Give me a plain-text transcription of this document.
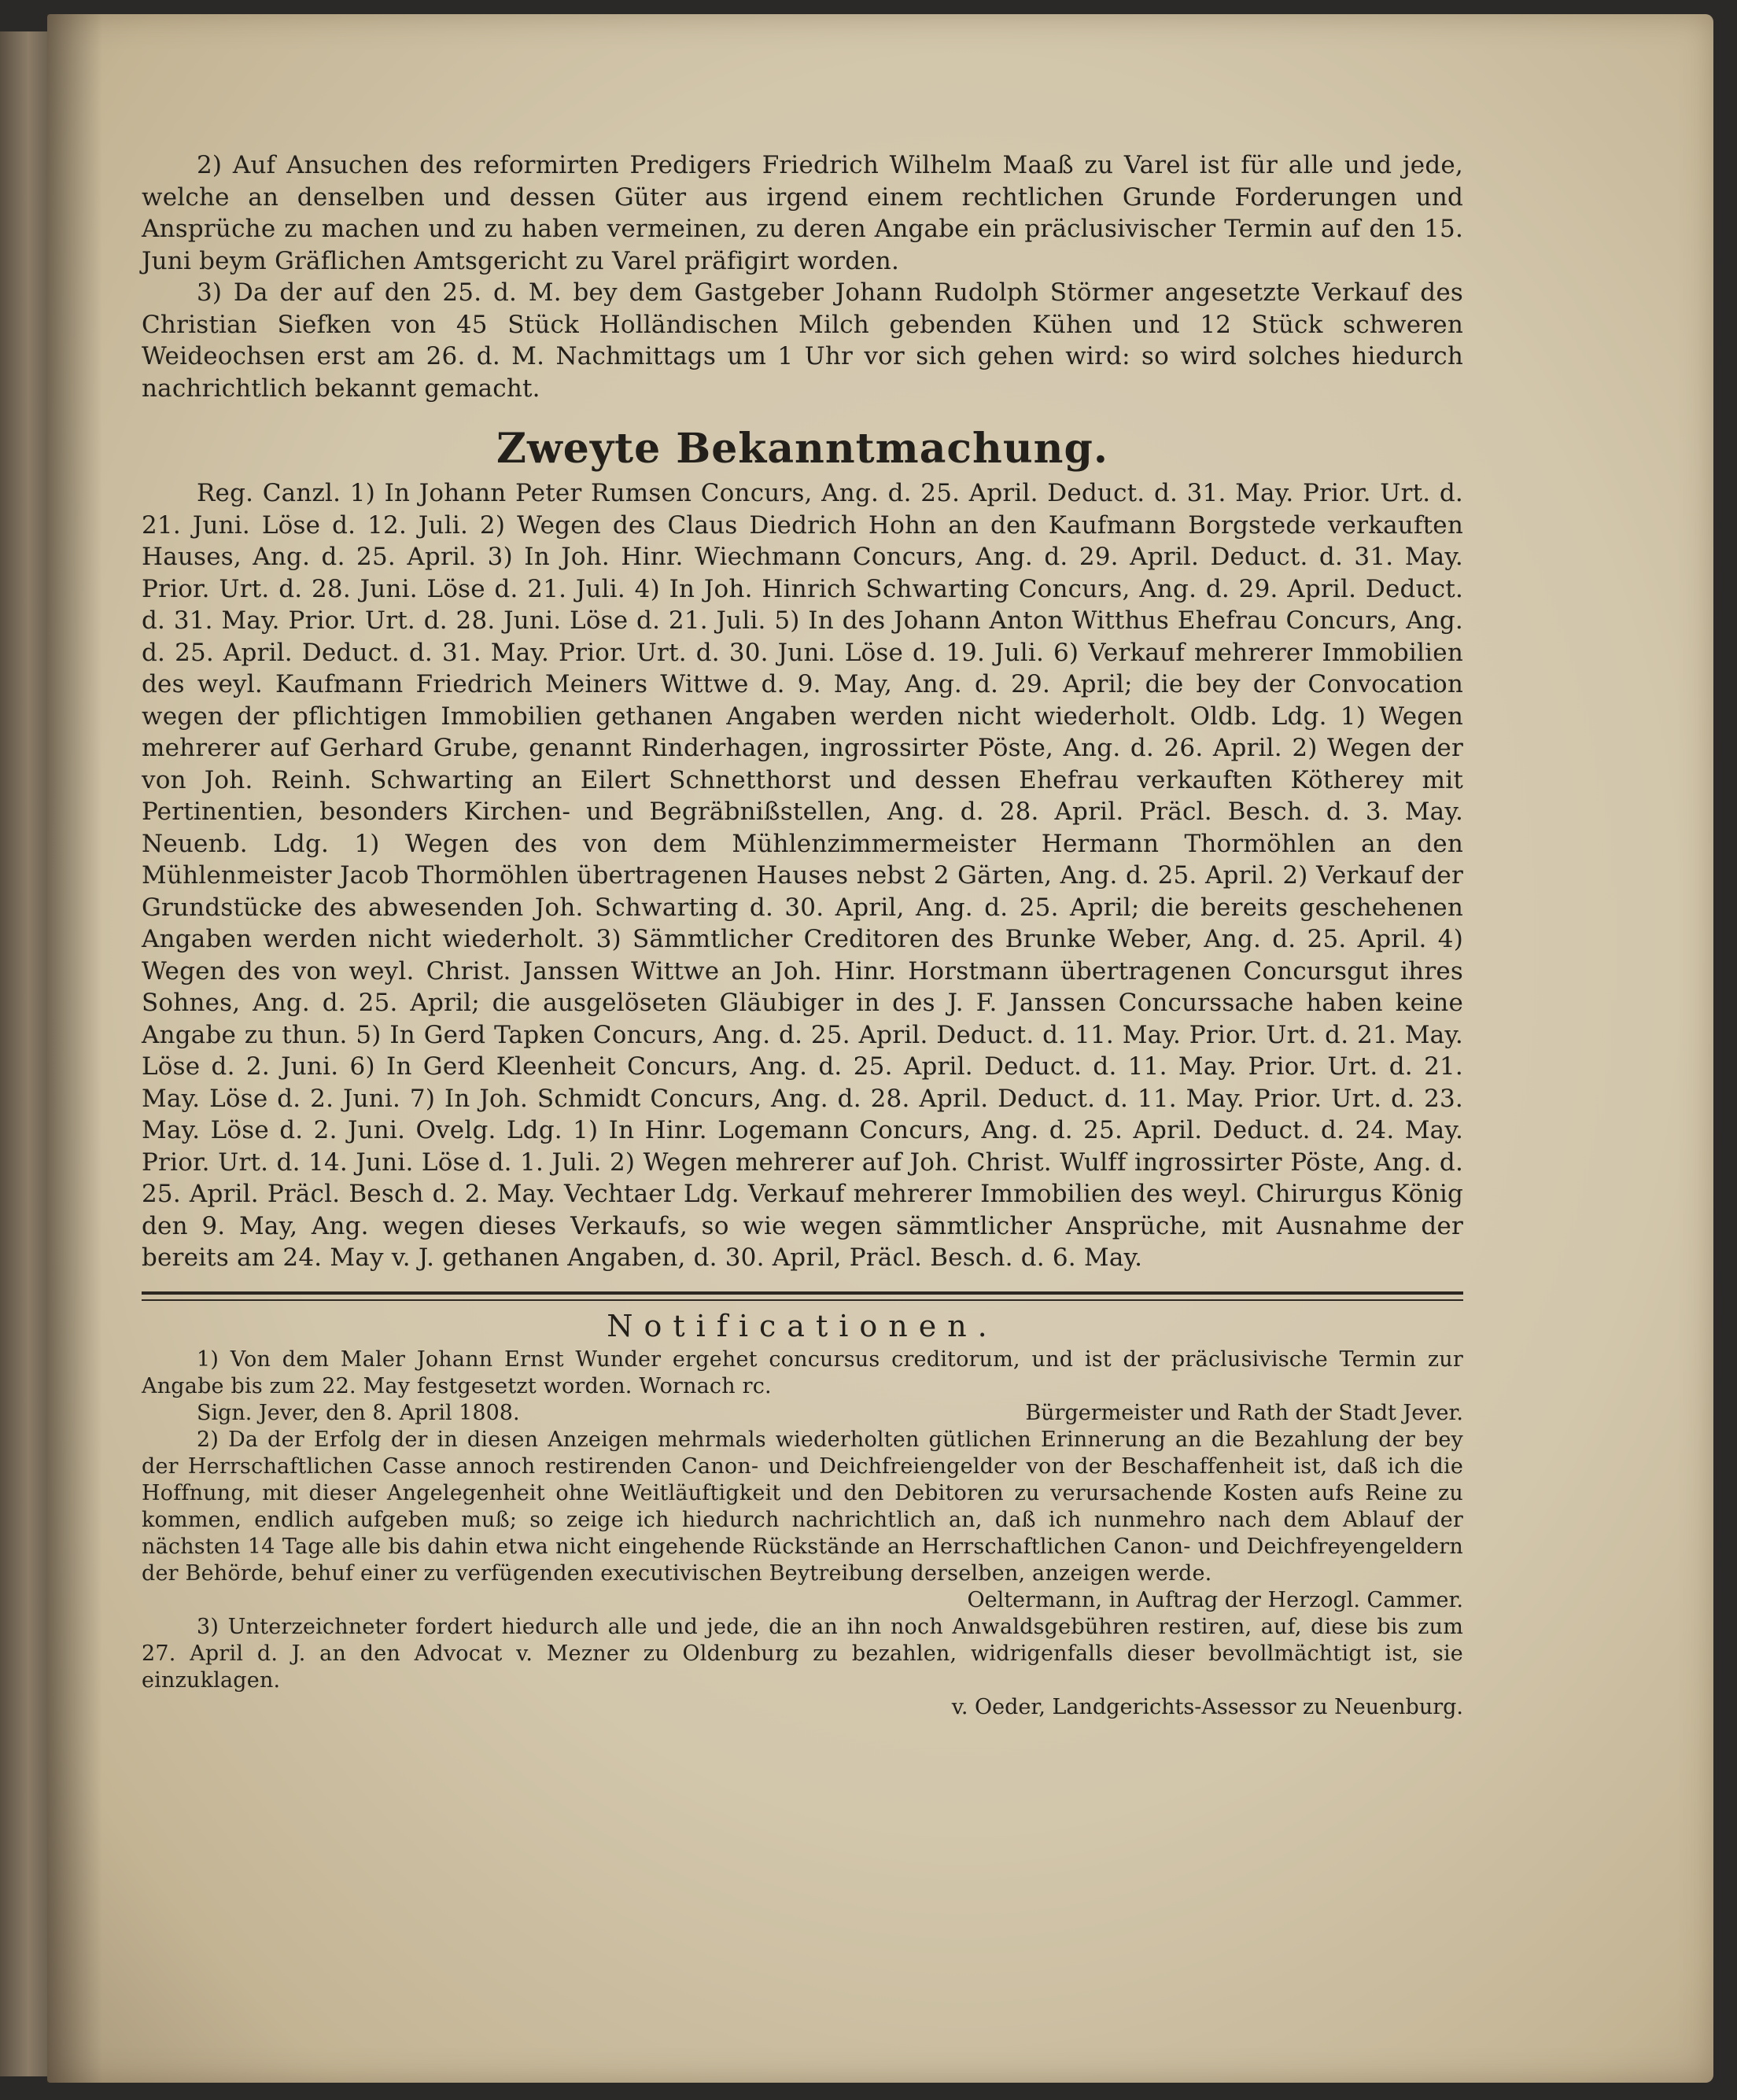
2) Auf Ansuchen des reformirten Predigers Friedrich Wilhelm Maaß zu Varel ist für alle und jede, welche an denselben und dessen Güter aus irgend einem rechtlichen Grunde Forderungen und Ansprüche zu machen und zu haben vermeinen, zu deren Angabe ein präclusivischer Termin auf den 15. Juni beym Gräflichen Amtsgericht zu Varel präfigirt worden.

3) Da der auf den 25. d. M. bey dem Gastgeber Johann Rudolph Störmer angesetzte Verkauf des Christian Siefken von 45 Stück Holländischen Milch gebenden Kühen und 12 Stück schweren Weideochsen erst am 26. d. M. Nachmittags um 1 Uhr vor sich gehen wird: so wird solches hiedurch nachrichtlich bekannt gemacht.

Zweyte Bekanntmachung.

Reg. Canzl. 1) In Johann Peter Rumsen Concurs, Ang. d. 25. April. Deduct. d. 31. May. Prior. Urt. d. 21. Juni. Löse d. 12. Juli. 2) Wegen des Claus Diedrich Hohn an den Kaufmann Borgstede verkauften Hauses, Ang. d. 25. April. 3) In Joh. Hinr. Wiechmann Concurs, Ang. d. 29. April. Deduct. d. 31. May. Prior. Urt. d. 28. Juni. Löse d. 21. Juli. 4) In Joh. Hinrich Schwarting Concurs, Ang. d. 29. April. Deduct. d. 31. May. Prior. Urt. d. 28. Juni. Löse d. 21. Juli. 5) In des Johann Anton Witthus Ehefrau Concurs, Ang. d. 25. April. Deduct. d. 31. May. Prior. Urt. d. 30. Juni. Löse d. 19. Juli. 6) Verkauf mehrerer Immobilien des weyl. Kaufmann Friedrich Meiners Wittwe d. 9. May, Ang. d. 29. April; die bey der Convocation wegen der pflichtigen Immobilien gethanen Angaben werden nicht wiederholt. Oldb. Ldg. 1) Wegen mehrerer auf Gerhard Grube, genannt Rinderhagen, ingrossirter Pöste, Ang. d. 26. April. 2) Wegen der von Joh. Reinh. Schwarting an Eilert Schnetthorst und dessen Ehefrau verkauften Kötherey mit Pertinentien, besonders Kirchen- und Begräbnißstellen, Ang. d. 28. April. Präcl. Besch. d. 3. May. Neuenb. Ldg. 1) Wegen des von dem Mühlenzimmermeister Hermann Thormöhlen an den Mühlenmeister Jacob Thormöhlen übertragenen Hauses nebst 2 Gärten, Ang. d. 25. April. 2) Verkauf der Grundstücke des abwesenden Joh. Schwarting d. 30. April, Ang. d. 25. April; die bereits geschehenen Angaben werden nicht wiederholt. 3) Sämmtlicher Creditoren des Brunke Weber, Ang. d. 25. April. 4) Wegen des von weyl. Christ. Janssen Wittwe an Joh. Hinr. Horstmann übertragenen Concursgut ihres Sohnes, Ang. d. 25. April; die ausgelöseten Gläubiger in des J. F. Janssen Concurssache haben keine Angabe zu thun. 5) In Gerd Tapken Concurs, Ang. d. 25. April. Deduct. d. 11. May. Prior. Urt. d. 21. May. Löse d. 2. Juni. 6) In Gerd Kleenheit Concurs, Ang. d. 25. April. Deduct. d. 11. May. Prior. Urt. d. 21. May. Löse d. 2. Juni. 7) In Joh. Schmidt Concurs, Ang. d. 28. April. Deduct. d. 11. May. Prior. Urt. d. 23. May. Löse d. 2. Juni. Ovelg. Ldg. 1) In Hinr. Logemann Concurs, Ang. d. 25. April. Deduct. d. 24. May. Prior. Urt. d. 14. Juni. Löse d. 1. Juli. 2) Wegen mehrerer auf Joh. Christ. Wulff ingrossirter Pöste, Ang. d. 25. April. Präcl. Besch d. 2. May. Vechtaer Ldg. Verkauf mehrerer Immobilien des weyl. Chirurgus König den 9. May, Ang. wegen dieses Verkaufs, so wie wegen sämmtlicher Ansprüche, mit Ausnahme der bereits am 24. May v. J. gethanen Angaben, d. 30. April, Präcl. Besch. d. 6. May.

Notificationen.

1) Von dem Maler Johann Ernst Wunder ergehet concursus creditorum, und ist der präclusivische Termin zur Angabe bis zum 22. May festgesetzt worden. Wornach rc.

Sign. Jever, den 8. April 1808.	Bürgermeister und Rath der Stadt Jever.

2) Da der Erfolg der in diesen Anzeigen mehrmals wiederholten gütlichen Erinnerung an die Bezahlung der bey der Herrschaftlichen Casse annoch restirenden Canon- und Deichfreiengelder von der Beschaffenheit ist, daß ich die Hoffnung, mit dieser Angelegenheit ohne Weitläuftigkeit und den Debitoren zu verursachende Kosten aufs Reine zu kommen, endlich aufgeben muß; so zeige ich hiedurch nachrichtlich an, daß ich nunmehro nach dem Ablauf der nächsten 14 Tage alle bis dahin etwa nicht eingehende Rückstände an Herrschaftlichen Canon- und Deichfreyengeldern der Behörde, behuf einer zu verfügenden executivischen Beytreibung derselben, anzeigen werde.

Oeltermann, in Auftrag der Herzogl. Cammer.

3) Unterzeichneter fordert hiedurch alle und jede, die an ihn noch Anwaldsgebühren restiren, auf, diese bis zum 27. April d. J. an den Advocat v. Mezner zu Oldenburg zu bezahlen, widrigenfalls dieser bevollmächtigt ist, sie einzuklagen.

v. Oeder, Landgerichts-Assessor zu Neuenburg.
